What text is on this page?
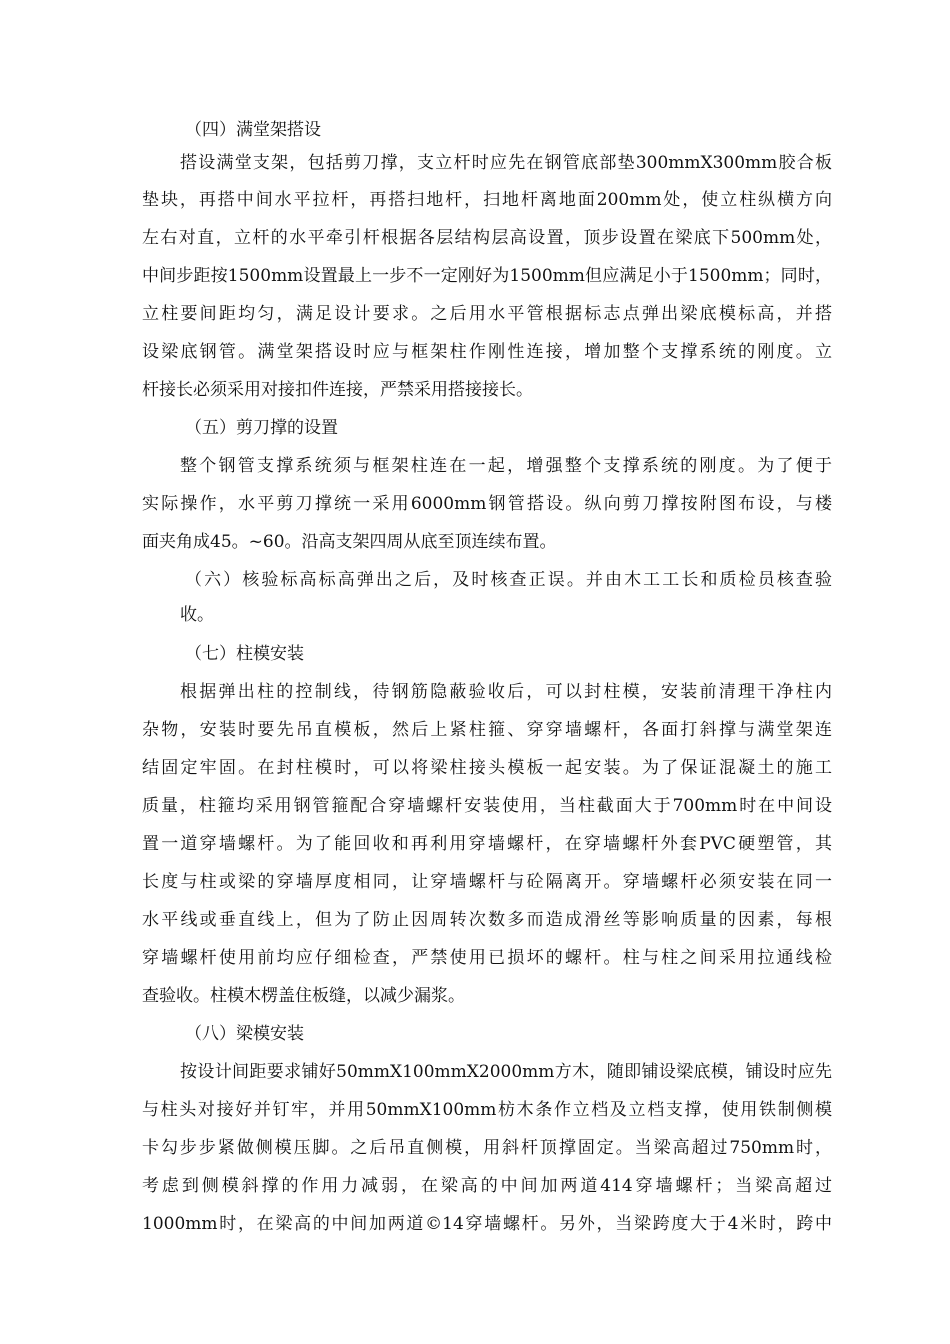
（四）满堂架搭设
搭设满堂支架，包括剪刀撑，支立杆时应先在钢管底部垫300mmX300mm胶合板
垫块，再搭中间水平拉杆，再搭扫地杆，扫地杆离地面200mm处，使立柱纵横方向
左右对直，立杆的水平牵引杆根据各层结构层高设置，顶步设置在梁底下500mm处，
中间步距按1500mm设置最上一步不一定刚好为1500mm但应满足小于1500mm；同时，
立柱要间距均匀，满足设计要求。之后用水平管根据标志点弹出梁底模标高，并搭
设梁底钢管。满堂架搭设时应与框架柱作刚性连接，增加整个支撑系统的刚度。立
杆接长必须采用对接扣件连接，严禁采用搭接接长。
（五）剪刀撑的设置
整个钢管支撑系统须与框架柱连在一起，增强整个支撑系统的刚度。为了便于
实际操作，水平剪刀撑统一采用6000mm钢管搭设。纵向剪刀撑按附图布设，与楼
面夹角成45。~60。沿高支架四周从底至顶连续布置。
（六）核验标高标高弹出之后，及时核查正误。并由木工工长和质检员核查验
收。
（七）柱模安装
根据弹出柱的控制线，待钢筋隐蔽验收后，可以封柱模，安装前清理干净柱内
杂物，安装时要先吊直模板，然后上紧柱箍、穿穿墙螺杆，各面打斜撑与满堂架连
结固定牢固。在封柱模时，可以将梁柱接头模板一起安装。为了保证混凝土的施工
质量，柱箍均采用钢管箍配合穿墙螺杆安装使用，当柱截面大于700mm时在中间设
置一道穿墙螺杆。为了能回收和再利用穿墙螺杆，在穿墙螺杆外套PVC硬塑管，其
长度与柱或梁的穿墙厚度相同，让穿墙螺杆与砼隔离开。穿墙螺杆必须安装在同一
水平线或垂直线上，但为了防止因周转次数多而造成滑丝等影响质量的因素，每根
穿墙螺杆使用前均应仔细检查，严禁使用已损坏的螺杆。柱与柱之间采用拉通线检
查验收。柱模木楞盖住板缝，以减少漏浆。
（八）梁模安装
按设计间距要求铺好50mmX100mmX2000mm方木，随即铺设梁底模，铺设时应先
与柱头对接好并钉牢，并用50mmX100mm枋木条作立档及立档支撑，使用铁制侧模
卡勾步步紧做侧模压脚。之后吊直侧模，用斜杆顶撑固定。当梁高超过750mm时，
考虑到侧模斜撑的作用力减弱，在梁高的中间加两道414穿墙螺杆；当梁高超过
1000mm时，在梁高的中间加两道©14穿墙螺杆。另外，当梁跨度大于4米时，跨中
